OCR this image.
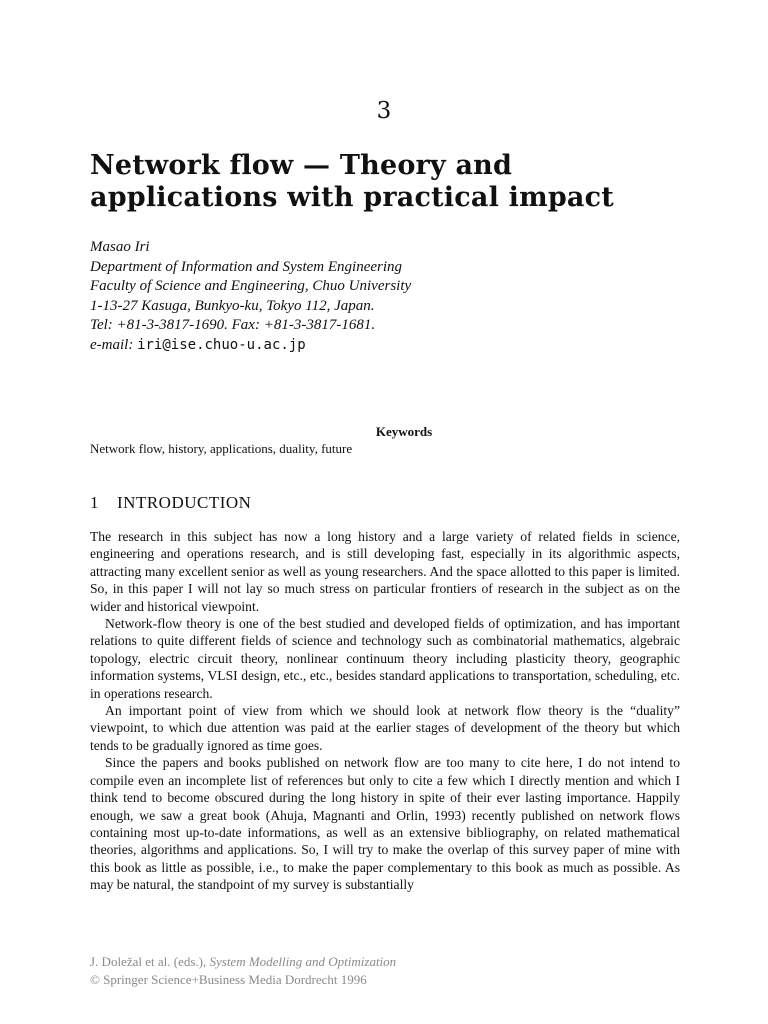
3
Network flow — Theory and
applications with practical impact
Masao Iri
Department of Information and System Engineering
Faculty of Science and Engineering, Chuo University
1-13-27 Kasuga, Bunkyo-ku, Tokyo 112, Japan.
Tel: +81-3-3817-1690. Fax: +81-3-3817-1681.
e-mail: iri@ise.chuo-u.ac.jp
Keywords
Network flow, history, applications, duality, future
1 INTRODUCTION

The research in this subject has now a long history and a large variety of related fields in science, engineering and operations research, and is still developing fast, especially in its algorithmic aspects, attracting many excellent senior as well as young researchers. And the space allotted to this paper is limited. So, in this paper I will not lay so much stress on particular frontiers of research in the subject as on the wider and historical viewpoint.

Network-flow theory is one of the best studied and developed fields of optimization, and has important relations to quite different fields of science and technology such as combinatorial mathematics, algebraic topology, electric circuit theory, nonlinear continuum theory including plasticity theory, geographic information systems, VLSI design, etc., etc., besides standard applications to transportation, scheduling, etc. in operations research.

An important point of view from which we should look at network flow theory is the “duality” viewpoint, to which due attention was paid at the earlier stages of development of the theory but which tends to be gradually ignored as time goes.

Since the papers and books published on network flow are too many to cite here, I do not intend to compile even an incomplete list of references but only to cite a few which I directly mention and which I think tend to become obscured during the long history in spite of their ever lasting importance. Happily enough, we saw a great book (Ahuja, Magnanti and Orlin, 1993) recently published on network flows containing most up-to-date informations, as well as an extensive bibliography, on related mathematical theories, algorithms and applications. So, I will try to make the overlap of this survey paper of mine with this book as little as possible, i.e., to make the paper complementary to this book as much as possible. As may be natural, the standpoint of my survey is substantially

J. Doležal et al. (eds.), System Modelling and Optimization
© Springer Science+Business Media Dordrecht 1996
